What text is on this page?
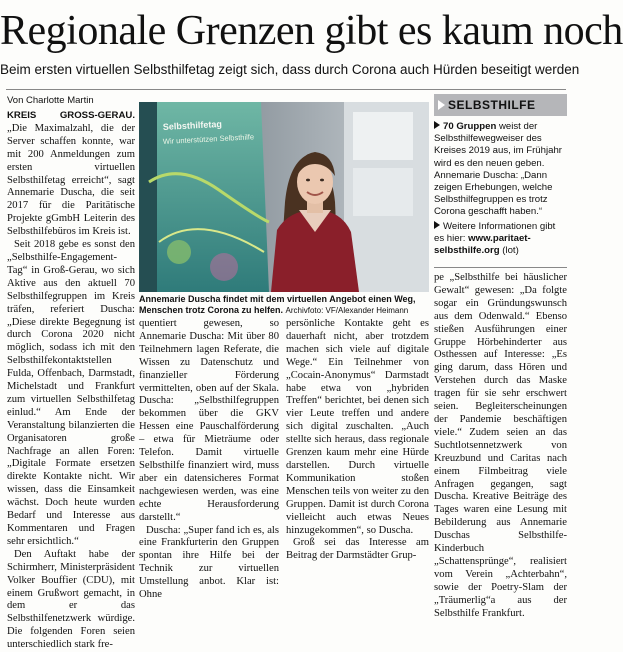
Regionale Grenzen gibt es kaum noch
Beim ersten virtuellen Selbsthilfetag zeigt sich, dass durch Corona auch Hürden beseitigt werden
Von Charlotte Martin

KREIS GROSS-GERAU. „Die Maximalzahl, die der Server schaffen konnte, war mit 200 Anmeldungen zum ersten virtuellen Selbsthilfetag erreicht“, sagt Annemarie Duscha, die seit 2017 für die Paritätische Projekte gGmbH Leiterin des Selbsthilfebüros im Kreis ist.

Seit 2018 gebe es sonst den „Selbsthilfe-Engagement-Tag“ in Groß-Gerau, wo sich Aktive aus den aktuell 70 Selbsthilfegruppen im Kreis träfen, referiert Duscha: „Diese direkte Begegnung ist durch Corona 2020 nicht möglich, sodass ich mit den Selbsthilfekontaktstellen Fulda, Offenbach, Darmstadt, Michelstadt und Frankfurt zum virtuellen Selbsthilfetag einlud.“ Am Ende der Veranstaltung bilanzierten die Organisatoren große Nachfrage an allen Foren: „Digitale Formate ersetzen direkte Kontakte nicht. Wir wissen, dass die Einsamkeit wächst. Doch heute wurden Bedarf und Interesse aus Kommentaren und Fragen sehr ersichtlich.“

Den Auftakt habe der Schirmherr, Ministerpräsident Volker Bouffier (CDU), mit einem Grußwort gemacht, in dem er das Selbsthilfenetzwerk würdige. Die folgenden Foren seien unterschiedlich stark fre-

Selbsthilfetag
Wir unterstützen Selbsthilfe
Annemarie Duscha findet mit dem virtuellen Angebot einen Weg, Menschen trotz Corona zu helfen. Archivfoto: VF/Alexander Heimann

quentiert gewesen, so Annemarie Duscha: Mit über 80 Teilnehmern lagen Referate, die Wissen zu Datenschutz und finanzieller Förderung vermittelten, oben auf der Skala. Duscha: „Selbsthilfegruppen bekommen über die GKV Hessen eine Pauschalförderung – etwa für Mieträume oder Telefon. Damit virtuelle Selbsthilfe finanziert wird, muss aber ein datensicheres Format nachgewiesen werden, was eine echte Herausforderung darstellt.“

Duscha: „Super fand ich es, als eine Frankfurterin den Gruppen spontan ihre Hilfe bei der Technik zur virtuellen Umstellung anbot. Klar ist: Ohne

persönliche Kontakte geht es dauerhaft nicht, aber trotzdem machen sich viele auf digitale Wege.“ Ein Teilnehmer von „Cocain-Anonymus“ Darmstadt habe etwa von „hybriden Treffen“ berichtet, bei denen sich vier Leute treffen und andere sich digital zuschalten. „Auch stellte sich heraus, dass regionale Grenzen kaum mehr eine Hürde darstellen. Durch virtuelle Kommunikation stoßen Menschen teils von weiter zu den Gruppen. Damit ist durch Corona vielleicht auch etwas Neues hinzugekommen“, so Duscha.

Groß sei das Interesse am Beitrag der Darmstädter Grup-

SELBSTHILFE

70 Gruppen weist der Selbsthilfewegweiser des Kreises 2019 aus, im Frühjahr wird es den neuen geben. Annemarie Duscha: „Dann zeigen Erhebungen, welche Selbsthilfegruppen es trotz Corona geschafft haben.“

Weitere Informationen gibt es hier: www.paritaet-selbsthilfe.org (lot)

pe „Selbsthilfe bei häuslicher Gewalt“ gewesen: „Da folgte sogar ein Gründungswunsch aus dem Odenwald.“ Ebenso stießen Ausführungen einer Gruppe Hörbehinderter aus Osthessen auf Interesse: „Es ging darum, dass Hören und Verstehen durch das Maske tragen für sie sehr erschwert seien. Begleiterscheinungen der Pandemie beschäftigen viele.“ Zudem seien an das Suchtlotsennetzwerk von Kreuzbund und Caritas nach einem Filmbeitrag viele Anfragen gegangen, sagt Duscha. Kreative Beiträge des Tages waren eine Lesung mit Bebilderung aus Annemarie Duschas Selbsthilfe-Kinderbuch „Schattensprünge“, realisiert vom Verein „Achterbahn“, sowie der Poetry-Slam der „Träumerlig“a aus der Selbsthilfe Frankfurt.
